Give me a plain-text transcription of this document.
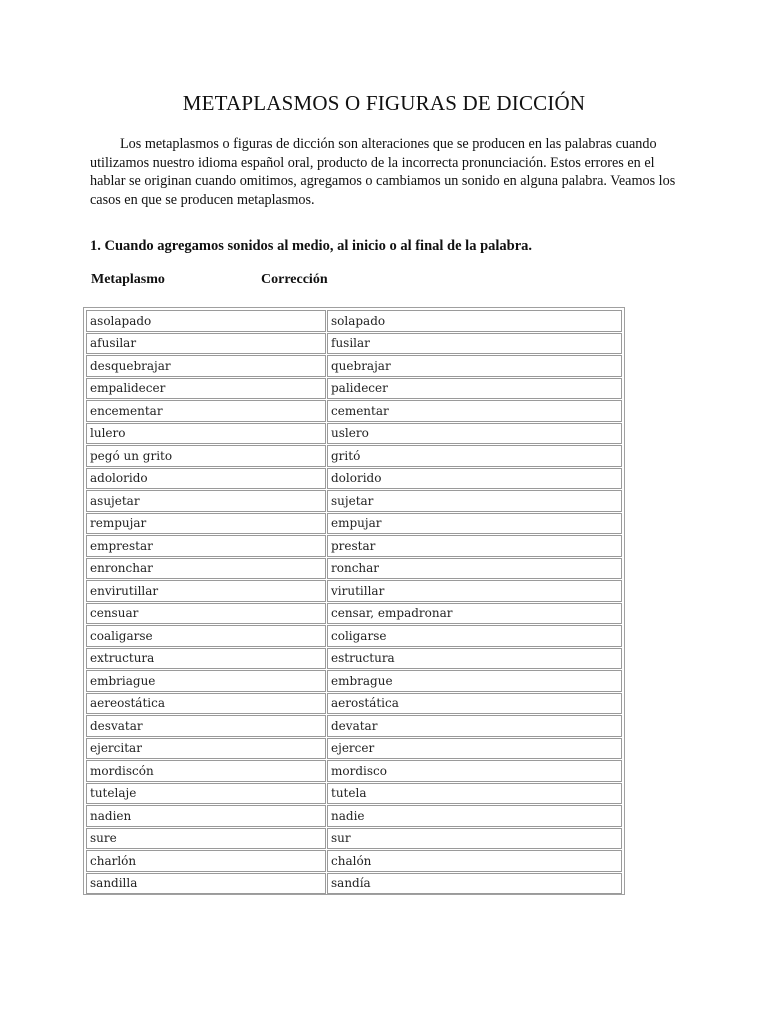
METAPLASMOS O FIGURAS DE DICCIÓN

Los metaplasmos o figuras de dicción son alteraciones que se producen en las palabras cuando utilizamos nuestro idioma español oral, producto de la incorrecta pronunciación. Estos errores en el hablar se originan cuando omitimos, agregamos o cambiamos un sonido en alguna palabra. Veamos los casos en que se producen metaplasmos.

1. Cuando agregamos sonidos al medio, al inicio o al final de la palabra.

Metaplasmo	Corrección
asolapado	solapado
afusilar	fusilar
desquebrajar	quebrajar
empalidecer	palidecer
encementar	cementar
lulero	uslero
pegó un grito	gritó
adolorido	dolorido
asujetar	sujetar
rempujar	empujar
emprestar	prestar
enronchar	ronchar
envirutillar	virutillar
censuar	censar, empadronar
coaligarse	coligarse
extructura	estructura
embriague	embrague
aereostática	aerostática
desvatar	devatar
ejercitar	ejercer
mordiscón	mordisco
tutelaje	tutela
nadien	nadie
sure	sur
charlón	chalón
sandilla	sandía
